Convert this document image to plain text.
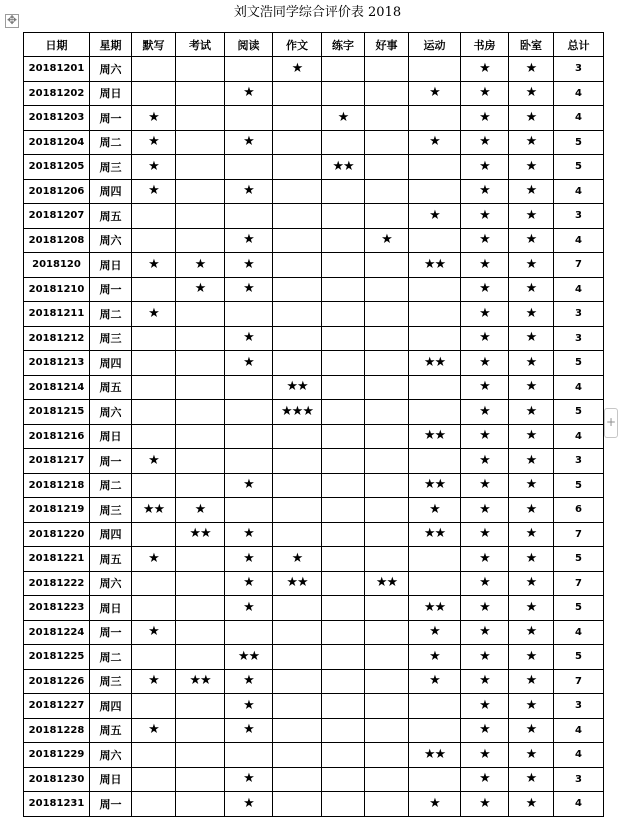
✥	刘文浩同学综合评价表 2018
日期	星期	默写	考试	阅读	作文	练字	好事	运动	书房	卧室	总计
20181201	周六				★				★	★	3
20181202	周日			★				★	★	★	4
20181203	周一	★				★			★	★	4
20181204	周二	★		★				★	★	★	5
20181205	周三	★				★★			★	★	5
20181206	周四	★		★					★	★	4
20181207	周五							★	★	★	3
20181208	周六			★			★		★	★	4
2018120	周日	★	★	★				★★	★	★	7
20181210	周一		★	★					★	★	4
20181211	周二	★							★	★	3
20181212	周三			★					★	★	3
20181213	周四			★				★★	★	★	5
20181214	周五				★★				★	★	4
20181215	周六				★★★				★	★	5
20181216	周日							★★	★	★	4
20181217	周一	★							★	★	3
20181218	周二			★				★★	★	★	5
20181219	周三	★★	★					★	★	★	6
20181220	周四		★★	★				★★	★	★	7
20181221	周五	★		★	★				★	★	5
20181222	周六			★	★★		★★		★	★	7
20181223	周日			★				★★	★	★	5
20181224	周一	★						★	★	★	4
20181225	周二			★★				★	★	★	5
20181226	周三	★	★★	★				★	★	★	7
20181227	周四			★					★	★	3
20181228	周五	★		★					★	★	4
20181229	周六							★★	★	★	4
20181230	周日			★					★	★	3
20181231	周一			★				★	★	★	4
+
